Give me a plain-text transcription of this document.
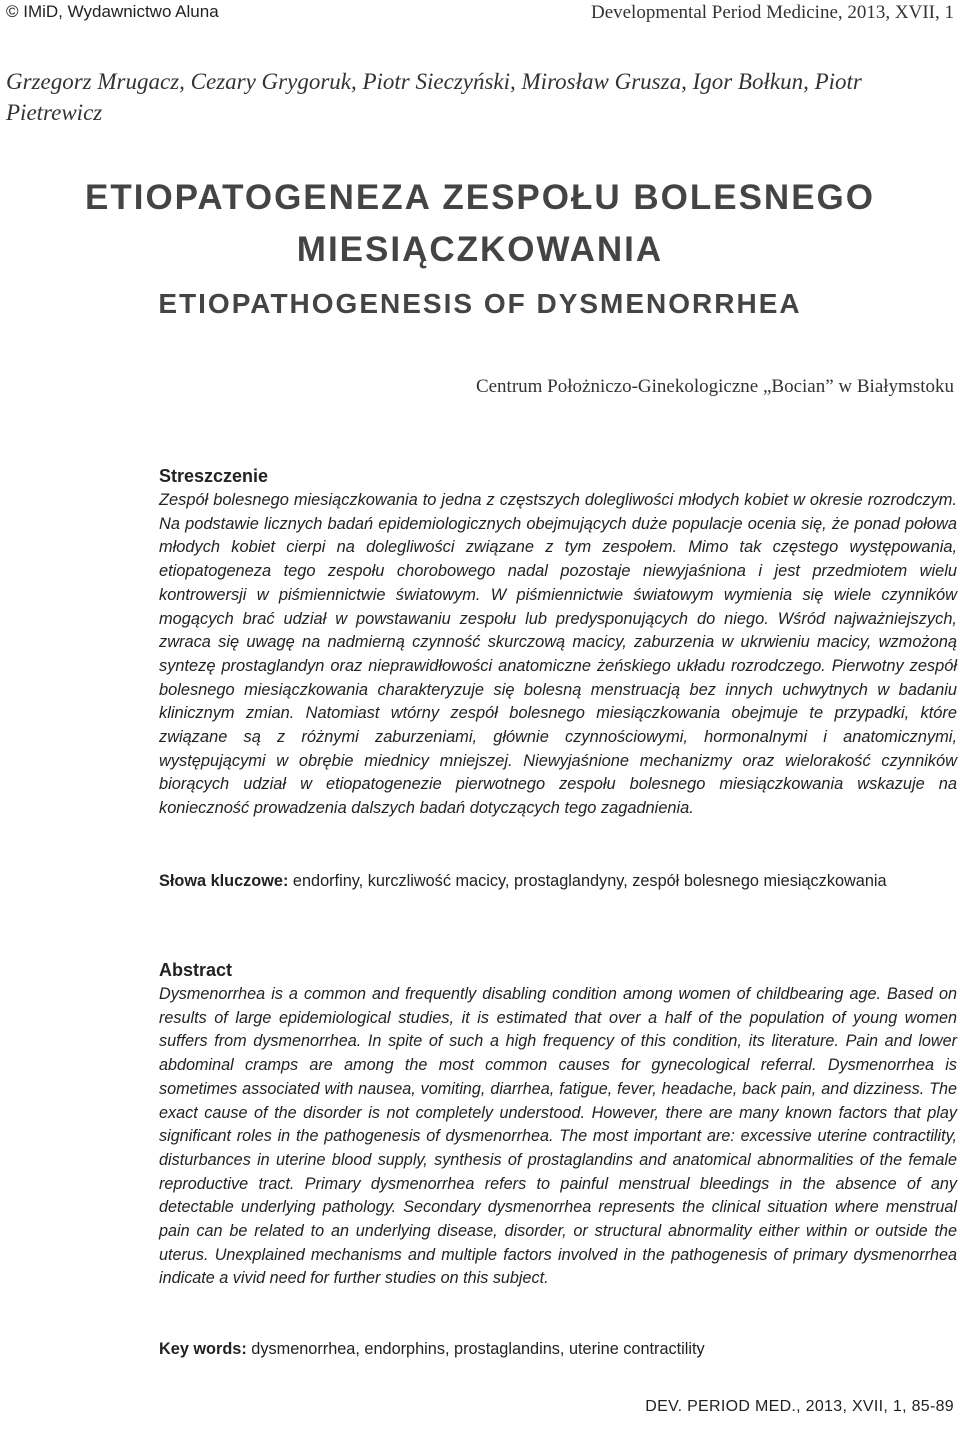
© IMiD, Wydawnictwo Aluna	Developmental Period Medicine, 2013, XVII, 1
Grzegorz Mrugacz, Cezary Grygoruk, Piotr Sieczyński, Mirosław Grusza, Igor Bołkun, Piotr Pietrewicz
ETIOPATOGENEZA ZESPOŁU BOLESNEGO MIESIĄCZKOWANIA
ETIOPATHOGENESIS OF DYSMENORRHEA
Centrum Położniczo-Ginekologiczne „Bocian” w Białymstoku

Streszczenie

Zespół bolesnego miesiączkowania to jedna z częstszych dolegliwości młodych kobiet w okresie rozrodczym. Na podstawie licznych badań epidemiologicznych obejmujących duże populacje ocenia się, że ponad połowa młodych kobiet cierpi na dolegliwości związane z tym zespołem. Mimo tak częstego występowania, etiopatogeneza tego zespołu chorobowego nadal pozostaje niewyjaśniona i jest przedmiotem wielu kontrowersji w piśmiennictwie światowym. W piśmiennictwie światowym wymienia się wiele czynników mogących brać udział w powstawaniu zespołu lub predysponujących do niego. Wśród najważniejszych, zwraca się uwagę na nadmierną czynność skurczową macicy, zaburzenia w ukrwieniu macicy, wzmożoną syntezę prostaglandyn oraz nieprawidłowości anatomiczne żeńskiego układu rozrodczego. Pierwotny zespół bolesnego miesiączkowania charakteryzuje się bolesną menstruacją bez innych uchwytnych w badaniu klinicznym zmian. Natomiast wtórny zespół bolesnego miesiączkowania obejmuje te przypadki, które związane są z różnymi zaburzeniami, głównie czynnościowymi, hormonalnymi i anatomicznymi, występującymi w obrębie miednicy mniejszej. Niewyjaśnione mechanizmy oraz wielorakość czynników biorących udział w etiopatogenezie pierwotnego zespołu bolesnego miesiączkowania wskazuje na konieczność prowadzenia dalszych badań dotyczących tego zagadnienia.

Słowa kluczowe: endorfiny, kurczliwość macicy, prostaglandyny, zespół bolesnego miesiączkowania

Abstract

Dysmenorrhea is a common and frequently disabling condition among women of childbearing age. Based on results of large epidemiological studies, it is estimated that over a half of the population of young women suffers from dysmenorrhea. In spite of such a high frequency of this condition, its literature. Pain and lower abdominal cramps are among the most common causes for gynecological referral. Dysmenorrhea is sometimes associated with nausea, vomiting, diarrhea, fatigue, fever, headache, back pain, and dizziness. The exact cause of the disorder is not completely understood. However, there are many known factors that play significant roles in the pathogenesis of dysmenorrhea. The most important are: excessive uterine contractility, disturbances in uterine blood supply, synthesis of prostaglandins and anatomical abnormalities of the female reproductive tract. Primary dysmenorrhea refers to painful menstrual bleedings in the absence of any detectable underlying pathology. Secondary dysmenorrhea represents the clinical situation where menstrual pain can be related to an underlying disease, disorder, or structural abnormality either within or outside the uterus. Unexplained mechanisms and multiple factors involved in the pathogenesis of primary dysmenorrhea indicate a vivid need for further studies on this subject.

Key words: dysmenorrhea, endorphins, prostaglandins, uterine contractility
DEV. PERIOD MED., 2013, XVII, 1, 85-89
